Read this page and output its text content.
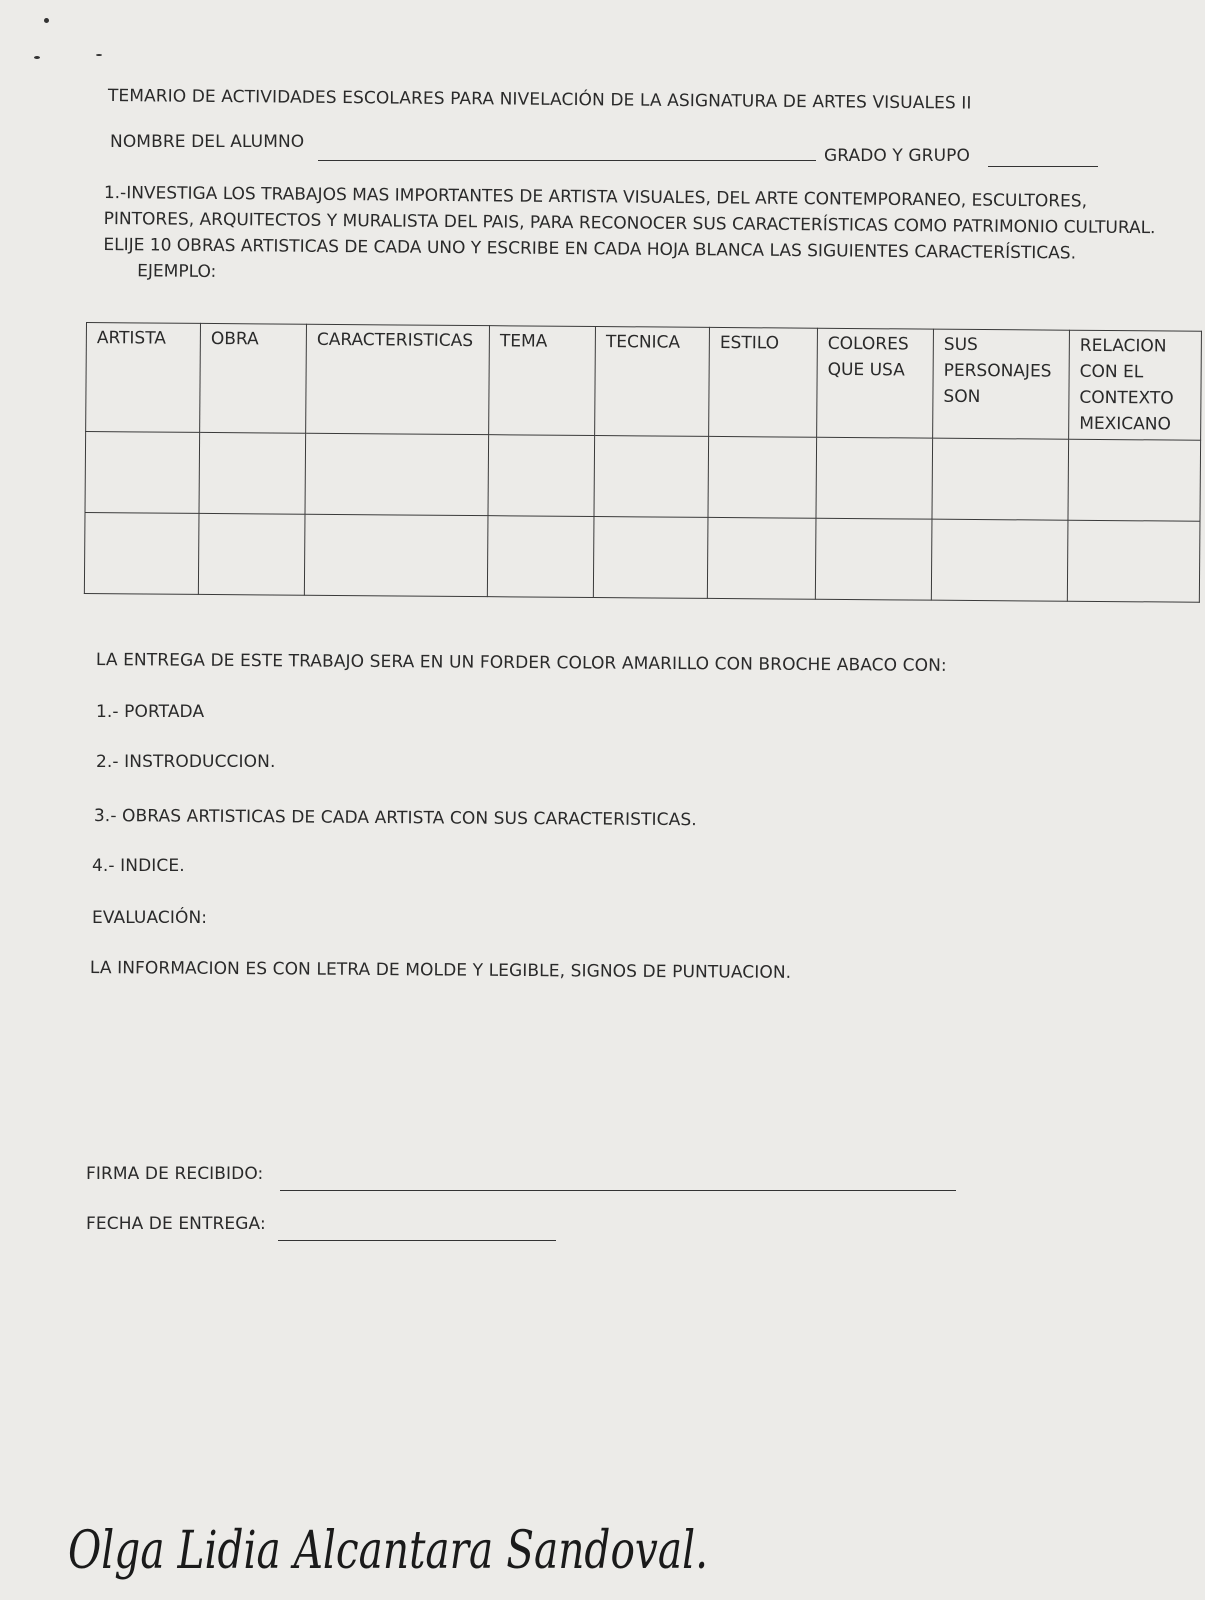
TEMARIO DE ACTIVIDADES ESCOLARES PARA NIVELACIÓN DE LA ASIGNATURA DE ARTES VISUALES II
NOMBRE DEL ALUMNO
GRADO Y GRUPO
1.-INVESTIGA LOS TRABAJOS MAS IMPORTANTES DE ARTISTA VISUALES, DEL ARTE CONTEMPORANEO, ESCULTORES, PINTORES, ARQUITECTOS Y MURALISTA DEL PAIS, PARA RECONOCER SUS CARACTERÍSTICAS COMO PATRIMONIO CULTURAL. ELIJE 10 OBRAS ARTISTICAS DE CADA UNO Y ESCRIBE EN CADA HOJA BLANCA LAS SIGUIENTES CARACTERÍSTICAS. EJEMPLO:
ARTISTA	OBRA	CARACTERISTICAS	TEMA	TECNICA	ESTILO	COLORES QUE USA	SUS PERSONAJES SON	RELACION CON EL CONTEXTO MEXICANO

LA ENTREGA DE ESTE TRABAJO SERA EN UN FORDER COLOR AMARILLO CON BROCHE ABACO CON:
1.- PORTADA
2.- INSTRODUCCION.
3.- OBRAS ARTISTICAS DE CADA ARTISTA CON SUS CARACTERISTICAS.
4.- INDICE.
EVALUACIÓN:
LA INFORMACION ES CON LETRA DE MOLDE Y LEGIBLE, SIGNOS DE PUNTUACION.
FIRMA DE RECIBIDO:
FECHA DE ENTREGA:
Olga Lidia Alcantara Sandoval.
